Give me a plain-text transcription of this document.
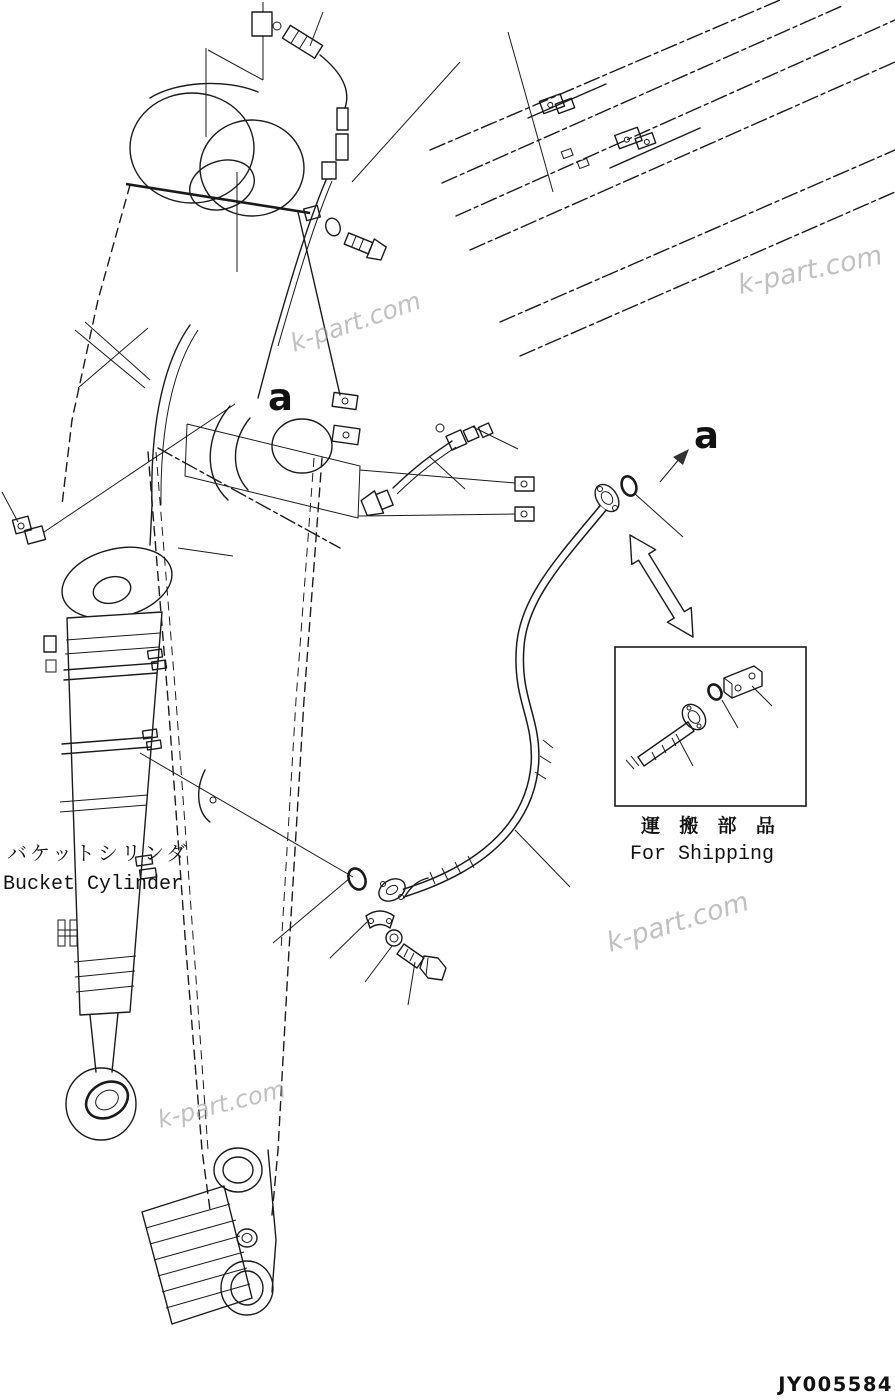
a
a
バケットシリンダ
Bucket Cylinder
運 搬 部 品
For Shipping
JY005584
k-part.com
k-part.com
k-part.com
k-part.com
